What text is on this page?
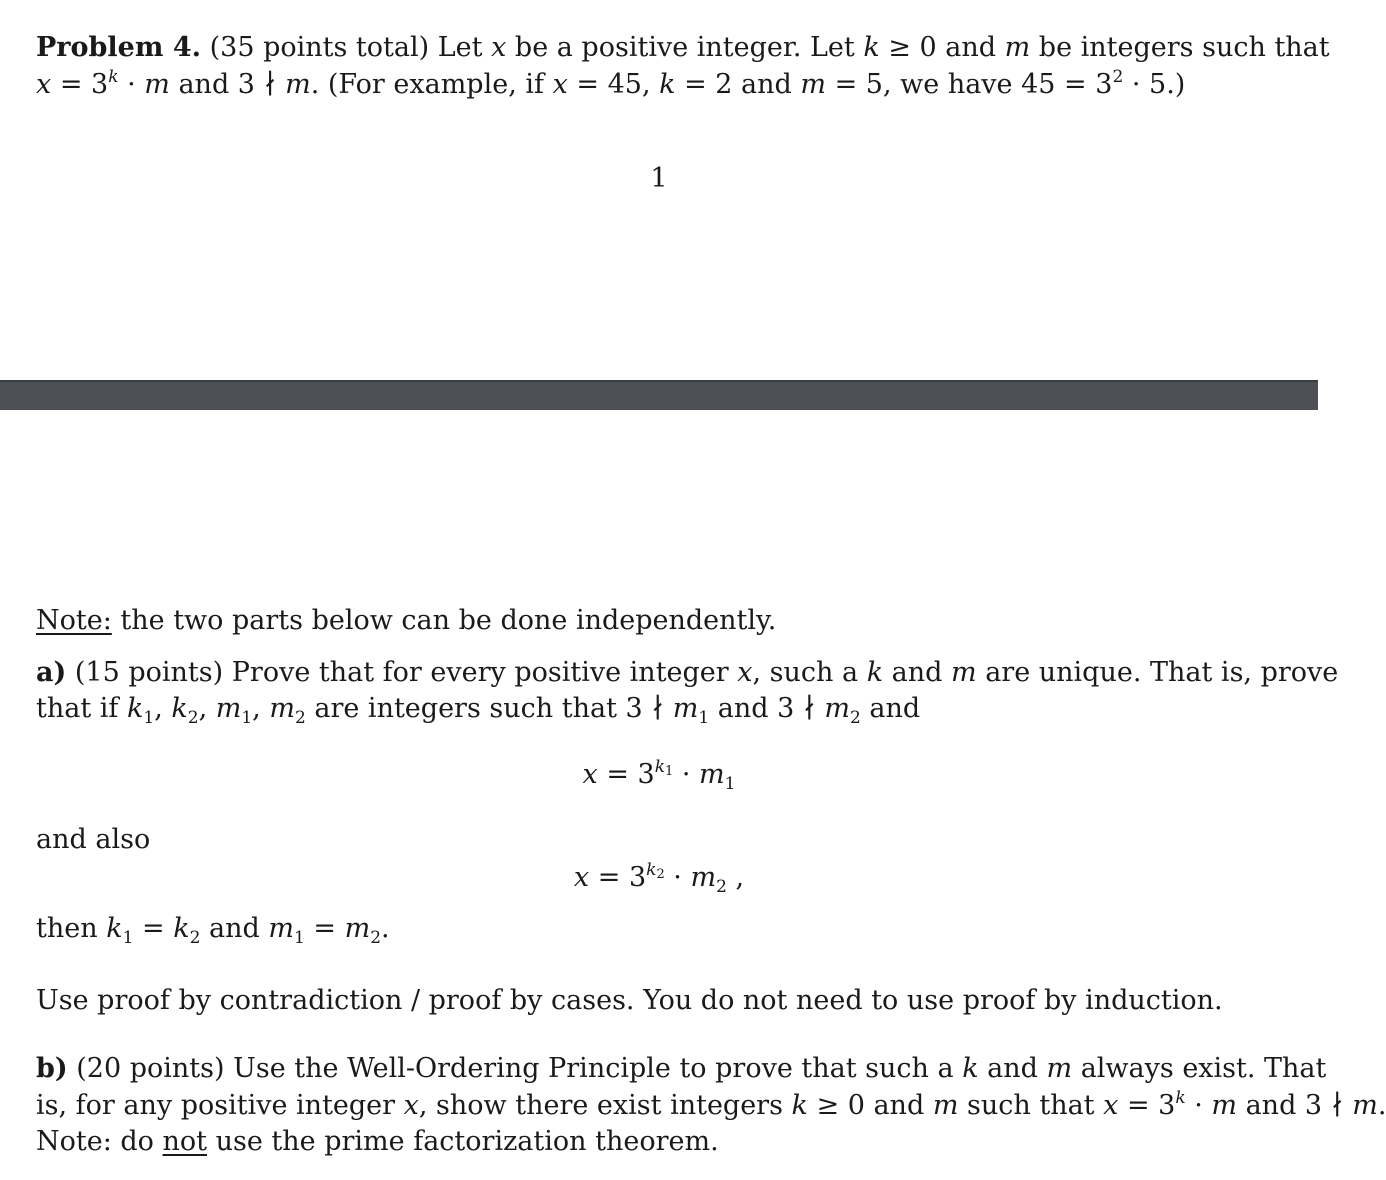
Problem 4. (35 points total) Let x be a positive integer. Let k ≥ 0 and m be integers such that
$x = 3^k \cdot m$ and 3 ∤ m. (For example, if x = 45, k = 2 and m = 5, we have $45 = 3^2 \cdot 5$.)
1
Note: the two parts below can be done independently.
a) (15 points) Prove that for every positive integer x, such a k and m are unique. That is, prove
that if $k_1$, $k_2$, $m_1$, $m_2$ are integers such that 3 ∤ $m_1$ and 3 ∤ $m_2$ and
$x = 3^{k_1} \cdot m_1$
and also
$x = 3^{k_2} \cdot m_2$ ,
then $k_1 = k_2$ and $m_1 = m_2$.
Use proof by contradiction / proof by cases. You do not need to use proof by induction.
b) (20 points) Use the Well-Ordering Principle to prove that such a k and m always exist. That
is, for any positive integer x, show there exist integers k ≥ 0 and m such that $x = 3^k \cdot m$ and 3 ∤ m.
Note: do not use the prime factorization theorem.
